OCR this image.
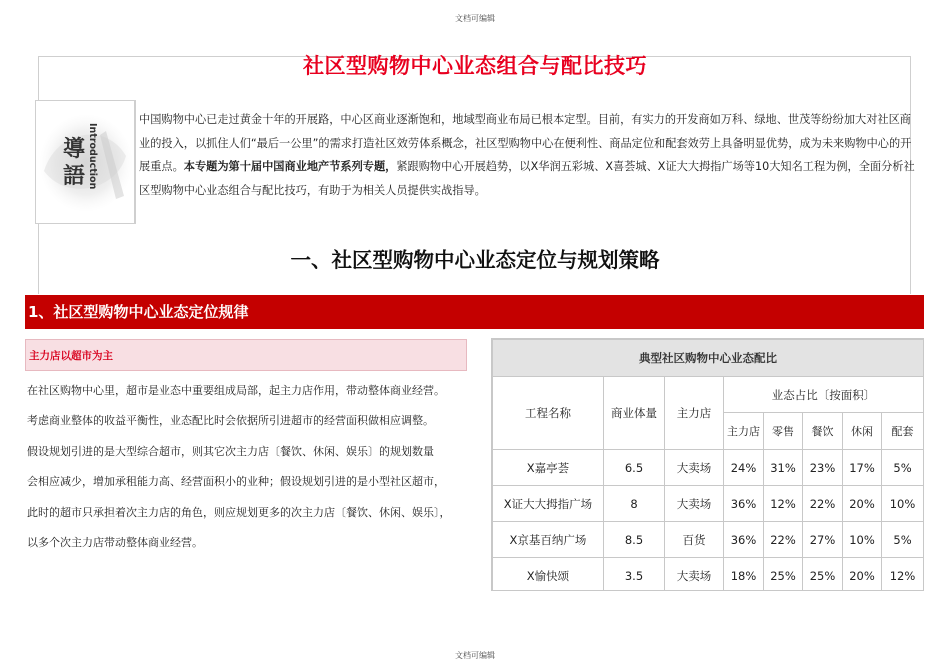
文档可编辑
社区型购物中心业态组合与配比技巧
導
語 Introduction
中国购物中心已走过黄金十年的开展路，中心区商业逐渐饱和，地域型商业布局已根本定型。目前，有实力的开发商如万科、绿地、世茂等纷纷加大对社区商业的投入，以抓住人们“最后一公里”的需求打造社区效劳体系概念，社区型购物中心在便利性、商品定位和配套效劳上具备明显优势，成为未来购物中心的开展重点。本专题为第十届中国商业地产节系列专题，紧跟购物中心开展趋势，以X华润五彩城、X喜荟城、X证大大拇指广场等10大知名工程为例，全面分析社区型购物中心业态组合与配比技巧，有助于为相关人员提供实战指导。
一、社区型购物中心业态定位与规划策略
1、社区型购物中心业态定位规律
主力店以超市为主

在社区购物中心里，超市是业态中重要组成局部，起主力店作用，带动整体商业经营。

考虑商业整体的收益平衡性，业态配比时会依据所引进超市的经营面积做相应调整。

假设规划引进的是大型综合超市，则其它次主力店〔餐饮、休闲、娱乐〕的规划数量

会相应减少，增加承租能力高、经营面积小的业种；假设规划引进的是小型社区超市，

此时的超市只承担着次主力店的角色，则应规划更多的次主力店〔餐饮、休闲、娱乐〕，

以多个次主力店带动整体商业经营。

典型社区购物中心业态配比							
工程名称	商业体量	主力店	业态占比〔按面积〕				
			主力店	零售	餐饮	休闲	配套
X嘉亭荟	6.5	大卖场	24%	31%	23%	17%	5%
X证大大拇指广场	8	大卖场	36%	12%	22%	20%	10%
X京基百纳广场	8.5	百货	36%	22%	27%	10%	5%
X愉快颂	3.5	大卖场	18%	25%	25%	20%	12%
文档可编辑
